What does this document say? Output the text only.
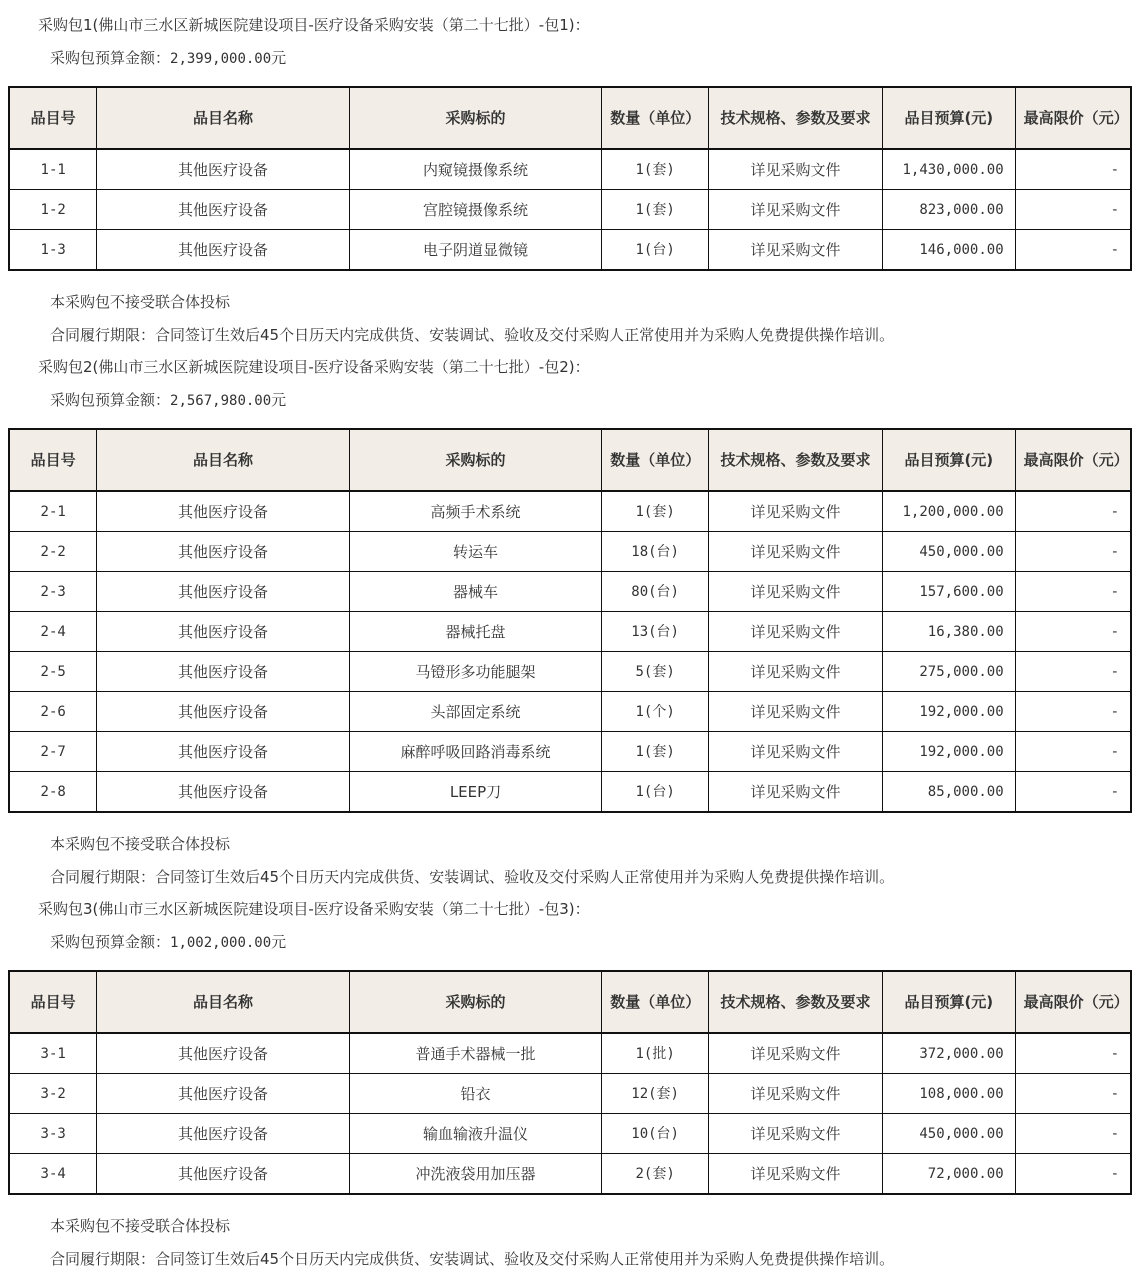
采购包1(佛山市三水区新城医院建设项目-医疗设备采购安装（第二十七批）-包1)：

采购包预算金额：2,399,000.00元

品目号	品目名称	采购标的	数量（单位）	技术规格、参数及要求	品目预算(元)	最高限价（元）
1-1	其他医疗设备	内窥镜摄像系统	1(套)	详见采购文件	1,430,000.00	-
1-2	其他医疗设备	宫腔镜摄像系统	1(套)	详见采购文件	823,000.00	-
1-3	其他医疗设备	电子阴道显微镜	1(台)	详见采购文件	146,000.00	-

本采购包不接受联合体投标

合同履行期限：合同签订生效后45个日历天内完成供货、安装调试、验收及交付采购人正常使用并为采购人免费提供操作培训。

采购包2(佛山市三水区新城医院建设项目-医疗设备采购安装（第二十七批）-包2)：

采购包预算金额：2,567,980.00元

品目号	品目名称	采购标的	数量（单位）	技术规格、参数及要求	品目预算(元)	最高限价（元）
2-1	其他医疗设备	高频手术系统	1(套)	详见采购文件	1,200,000.00	-
2-2	其他医疗设备	转运车	18(台)	详见采购文件	450,000.00	-
2-3	其他医疗设备	器械车	80(台)	详见采购文件	157,600.00	-
2-4	其他医疗设备	器械托盘	13(台)	详见采购文件	16,380.00	-
2-5	其他医疗设备	马镫形多功能腿架	5(套)	详见采购文件	275,000.00	-
2-6	其他医疗设备	头部固定系统	1(个)	详见采购文件	192,000.00	-
2-7	其他医疗设备	麻醉呼吸回路消毒系统	1(套)	详见采购文件	192,000.00	-
2-8	其他医疗设备	LEEP刀	1(台)	详见采购文件	85,000.00	-

本采购包不接受联合体投标

合同履行期限：合同签订生效后45个日历天内完成供货、安装调试、验收及交付采购人正常使用并为采购人免费提供操作培训。

采购包3(佛山市三水区新城医院建设项目-医疗设备采购安装（第二十七批）-包3)：

采购包预算金额：1,002,000.00元

品目号	品目名称	采购标的	数量（单位）	技术规格、参数及要求	品目预算(元)	最高限价（元）
3-1	其他医疗设备	普通手术器械一批	1(批)	详见采购文件	372,000.00	-
3-2	其他医疗设备	铅衣	12(套)	详见采购文件	108,000.00	-
3-3	其他医疗设备	输血输液升温仪	10(台)	详见采购文件	450,000.00	-
3-4	其他医疗设备	冲洗液袋用加压器	2(套)	详见采购文件	72,000.00	-

本采购包不接受联合体投标

合同履行期限：合同签订生效后45个日历天内完成供货、安装调试、验收及交付采购人正常使用并为采购人免费提供操作培训。
